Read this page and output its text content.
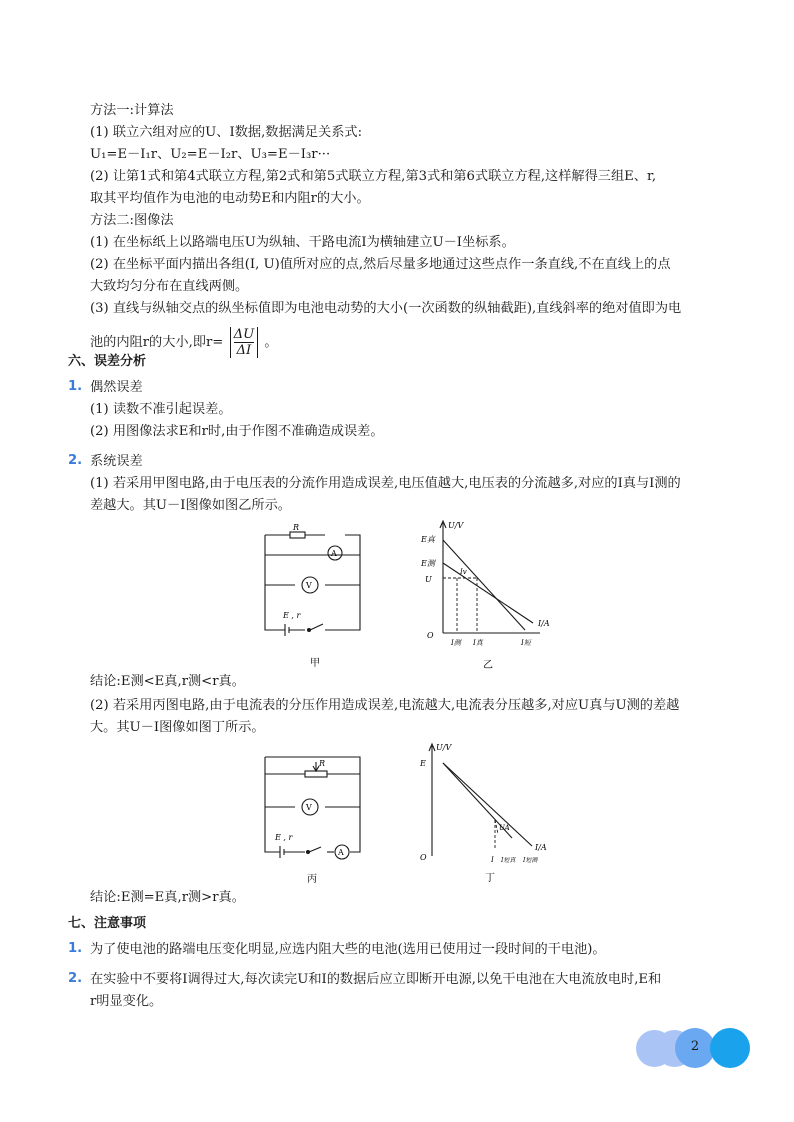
方法一:计算法
(1) 联立六组对应的U、I数据,数据满足关系式:
U₁=E－I₁r、U₂=E－I₂r、U₃=E－I₃r···
(2) 让第1式和第4式联立方程,第2式和第5式联立方程,第3式和第6式联立方程,这样解得三组E、r,
取其平均值作为电池的电动势E和内阻r的大小。
方法二:图像法
(1) 在坐标纸上以路端电压U为纵轴、干路电流I为横轴建立U－I坐标系。
(2) 在坐标平面内描出各组(I, U)值所对应的点,然后尽量多地通过这些点作一条直线,不在直线上的点
大致均匀分布在直线两侧。
(3) 直线与纵轴交点的纵坐标值即为电池电动势的大小(一次函数的纵轴截距),直线斜率的绝对值即为电
池的内阻r的大小,即$r= \frac{\Delta U}{\Delta I}$ 。
六、误差分析
1. 偶然误差
(1) 读数不准引起误差。
(2) 用图像法求E和r时,由于作图不准确造成误差。
2. 系统误差
(1) 若采用甲图电路,由于电压表的分流作用造成误差,电压值越大,电压表的分流越多,对应的I真与I测的
差越大。其U－I图像如图乙所示。
R
A
V
E , r
甲
U/V
E真
E测
U
Iv
I/A
O
I测 I真	I短
乙
结论:E测<E真,r测<r真。
(2) 若采用丙图电路,由于电流表的分压作用造成误差,电流越大,电流表分压越多,对应U真与U测的差越
大。其U－I图像如图丁所示。
R
V
E , r
A
丙
U/V
E
UA
I/A
O	I I短真 I短测
丁
结论:E测=E真,r测>r真。
七、注意事项
1. 为了使电池的路端电压变化明显,应选内阻大些的电池(选用已使用过一段时间的干电池)。
2. 在实验中不要将I调得过大,每次读完U和I的数据后应立即断开电源,以免干电池在大电流放电时,E和
r明显变化。
2
